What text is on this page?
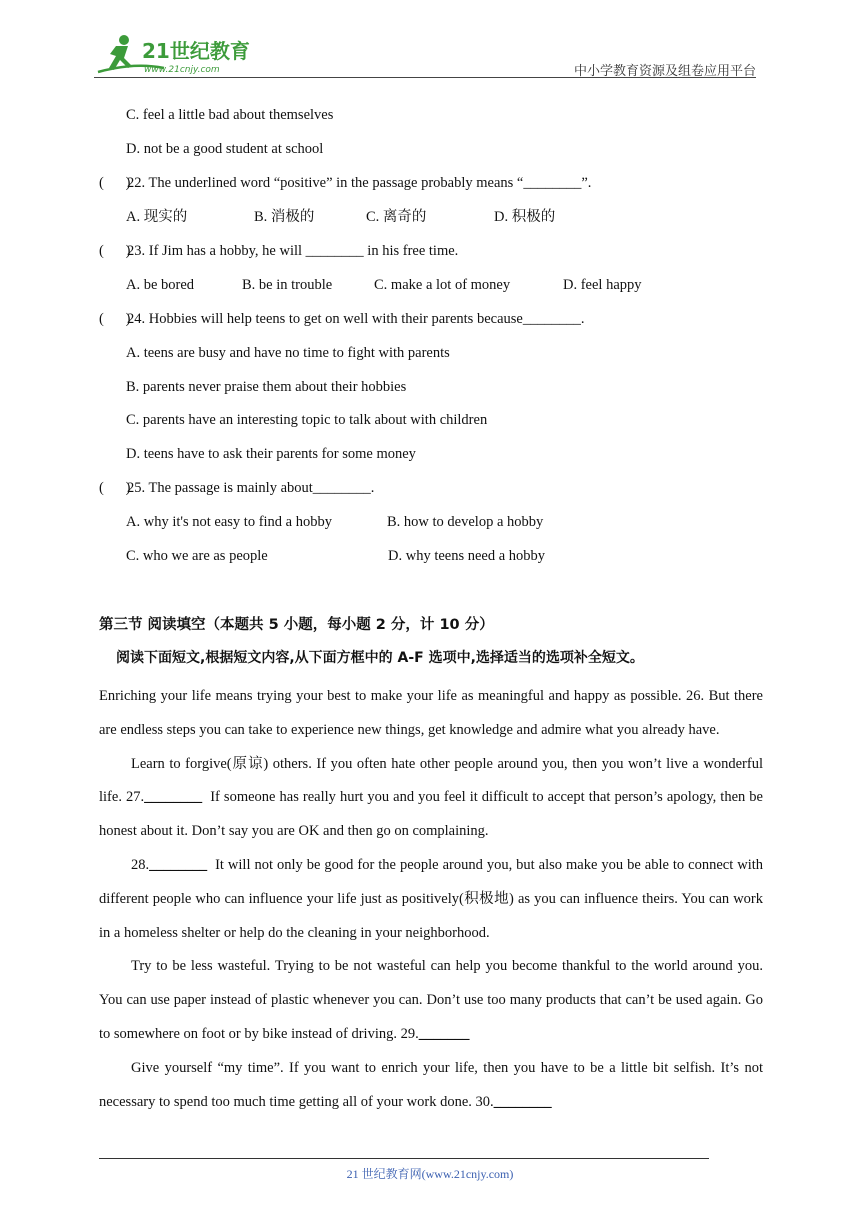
21世纪教育
www.21cnjy.com	中小学教育资源及组卷应用平台
C. feel a little bad about themselves
D. not be a good student at school
(      )22. The underlined word “positive” in the passage probably means “________”.
A. 现实的	B. 消极的	C. 离奇的	D. 积极的
(      )23. If Jim has a hobby, he will ________ in his free time.
A. be bored	B. be in trouble	C. make a lot of money	D. feel happy
(      )24. Hobbies will help teens to get on well with their parents because________.
A. teens are busy and have no time to fight with parents
B. parents never praise them about their hobbies
C. parents have an interesting topic to talk about with children
D. teens have to ask their parents for some money
(      )25. The passage is mainly about________.
A. why it's not easy to find a hobby	B. how to develop a hobby
C. who we are as people	D. why teens need a hobby
第三节 阅读填空（本题共 5 小题，每小题 2 分，计 10 分）
阅读下面短文,根据短文内容,从下面方框中的 A-F 选项中,选择适当的选项补全短文。

Enriching your life means trying your best to make your life as meaningful and happy as possible. 26. But there are endless steps you can take to experience new things, get knowledge and admire what you already have.

Learn to forgive(原谅) others. If you often hate other people around you, then you won’t live a wonderful life. 27.________ If someone has really hurt you and you feel it difficult to accept that person’s apology, then be honest about it. Don’t say you are OK and then go on complaining.

28.________ It will not only be good for the people around you, but also make you be able to connect with different people who can influence your life just as positively(积极地) as you can influence theirs. You can work in a homeless shelter or help do the cleaning in your neighborhood.

Try to be less wasteful. Trying to be not wasteful can help you become thankful to the world around you. You can use paper instead of plastic whenever you can. Don’t use too many products that can’t be used again. Go to somewhere on foot or by bike instead of driving. 29._______

Give yourself “my time”. If you want to enrich your life, then you have to be a little bit selfish. It’s not necessary to spend too much time getting all of your work done. 30.________

21 世纪教育网(www.21cnjy.com)
